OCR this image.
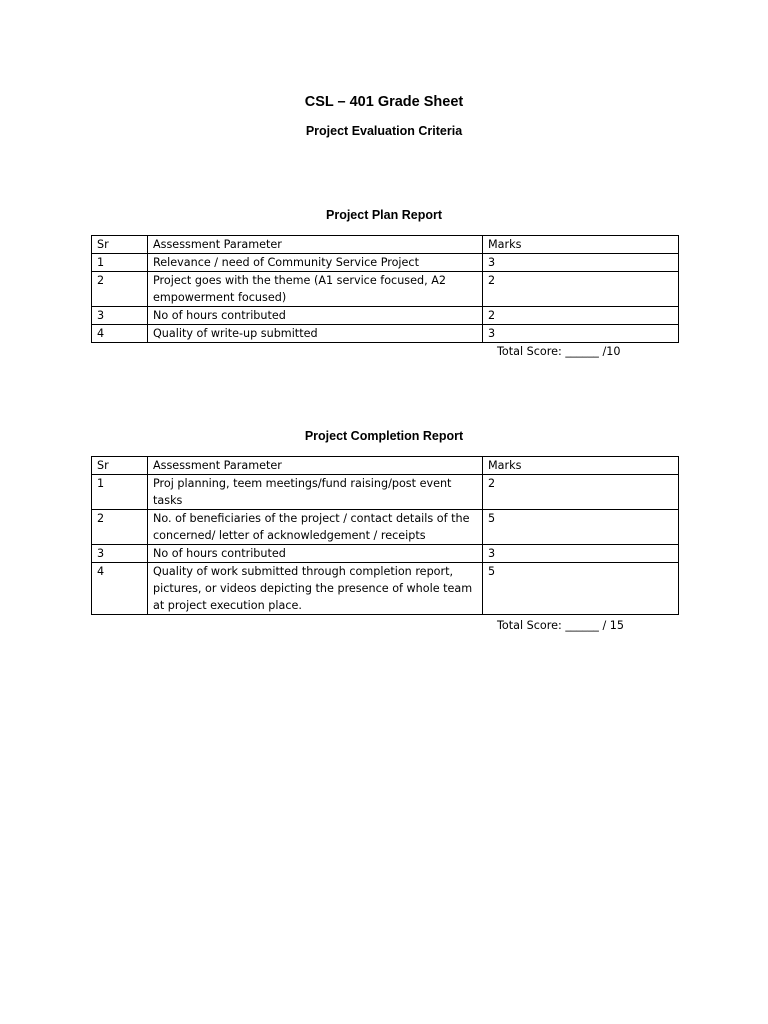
CSL – 401 Grade Sheet
Project Evaluation Criteria
Project Plan Report
Sr	Assessment Parameter	Marks
1	Relevance / need of Community Service Project	3
2	Project goes with the theme (A1 service focused, A2 empowerment focused)	2
3	No of hours contributed	2
4	Quality of write-up submitted	3
Total Score: ______ /10
Project Completion Report
Sr	Assessment Parameter	Marks
1	Proj planning, teem meetings/fund raising/post event tasks	2
2	No. of beneficiaries of the project / contact details of the concerned/ letter of acknowledgement / receipts	5
3	No of hours contributed	3
4	Quality of work submitted through completion report, pictures, or videos depicting the presence of whole team at project execution place.	5
Total Score: ______ / 15
